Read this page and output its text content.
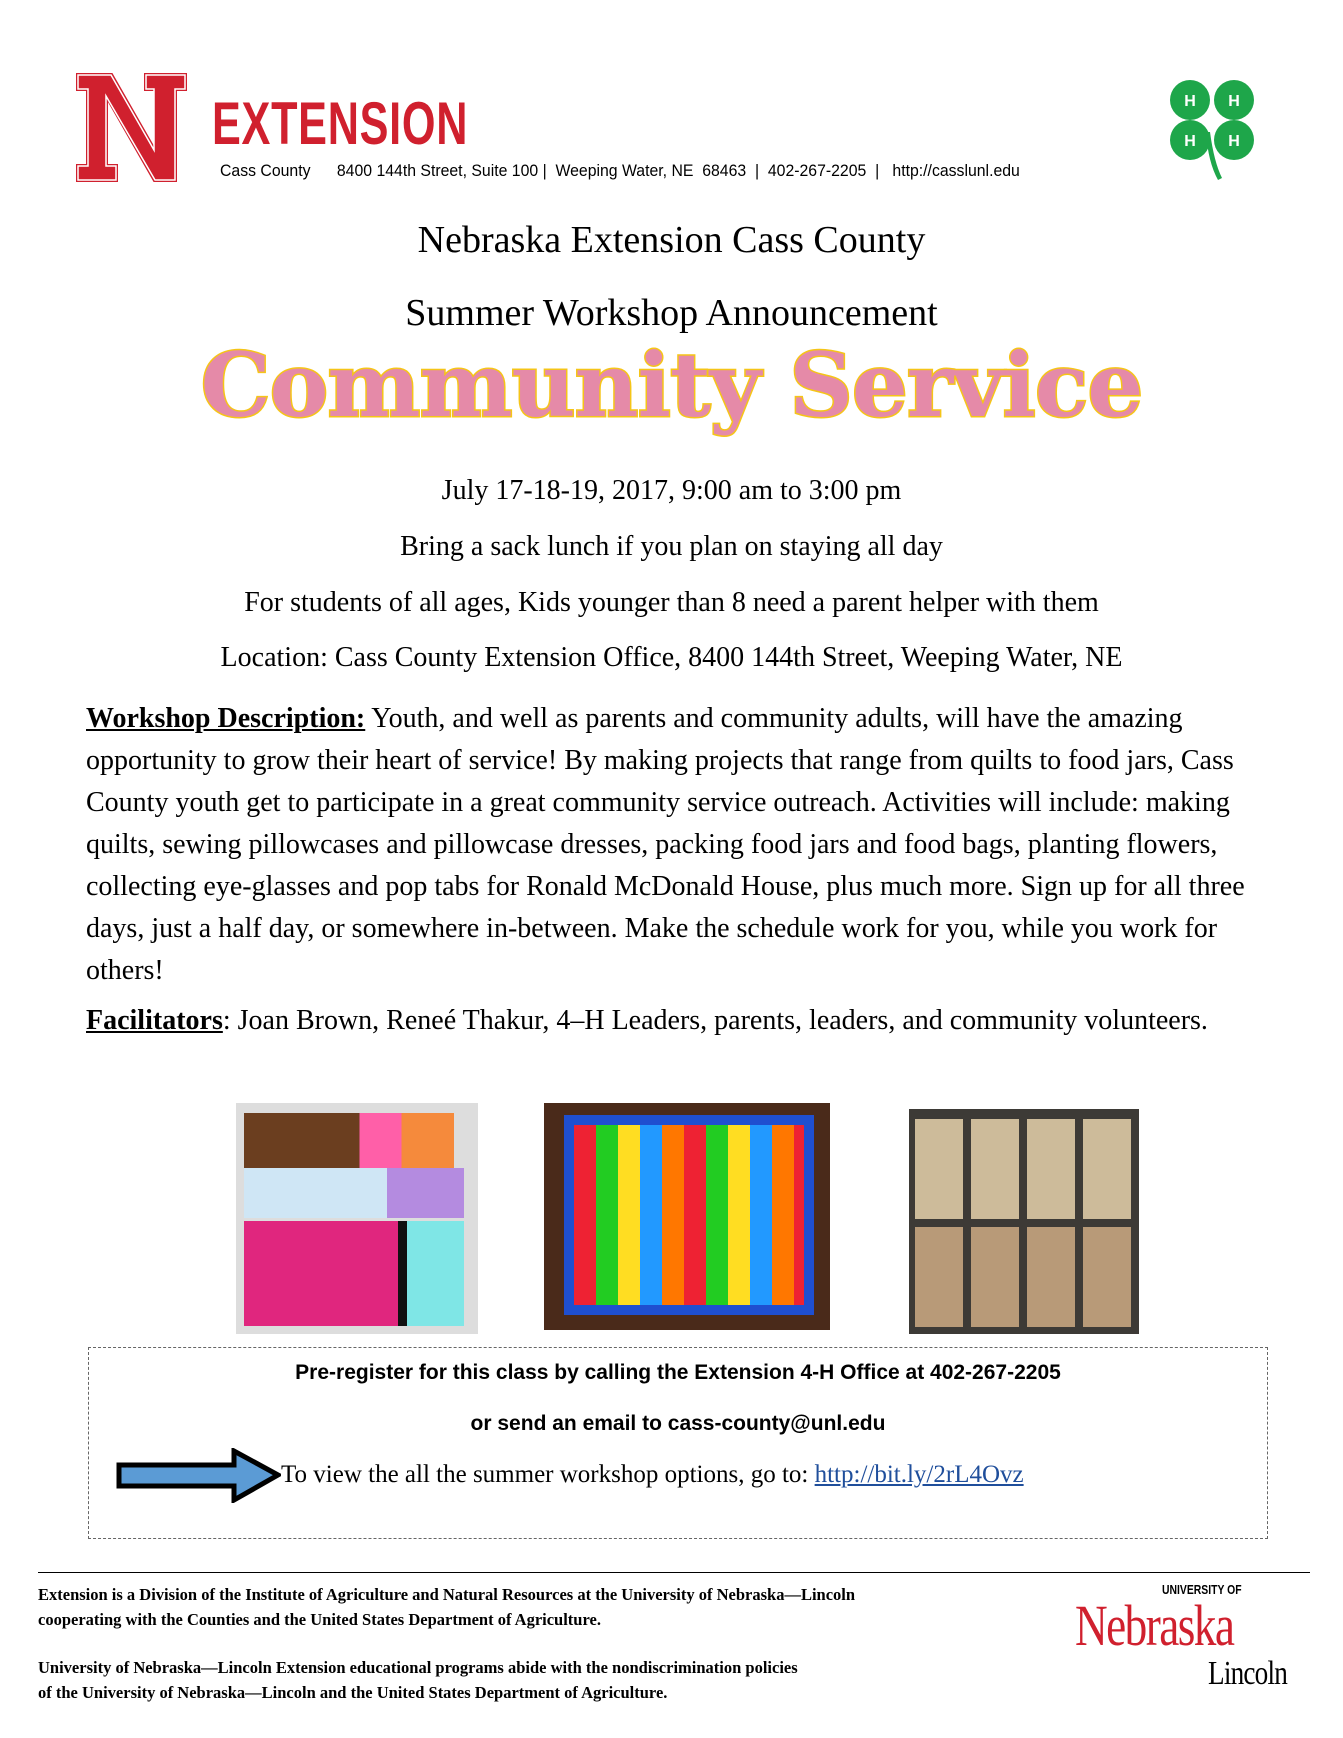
EXTENSION
Cass County 8400 144th Street, Suite 100 |  Weeping Water, NE  68463  |  402-267-2205  |   http://casslunl.edu
H H
H H
Nebraska Extension Cass County
Summer Workshop Announcement
Community Service
July 17-18-19, 2017, 9:00 am to 3:00 pm
Bring a sack lunch if you plan on staying all day
For students of all ages, Kids younger than 8 need a parent helper with them
Location: Cass County Extension Office, 8400 144th Street, Weeping Water, NE

Workshop Description: Youth, and well as parents and community adults, will have the amazing opportunity to grow their heart of service! By making projects that range from quilts to food jars, Cass County youth get to participate in a great community service outreach. Activities will include: making quilts, sewing pillowcases and pillowcase dresses, packing food jars and food bags, planting flowers, collecting eye-glasses and pop tabs for Ronald McDonald House, plus much more. Sign up for all three days, just a half day, or somewhere in-between. Make the schedule work for you, while you work for others!

Facilitators: Joan Brown, Reneé Thakur, 4–H Leaders, parents, leaders, and community volunteers.

Pre-register for this class by calling the Extension 4-H Office at 402-267-2205
or send an email to cass-county@unl.edu
To view the all the summer workshop options, go to: http://bit.ly/2rL4Ovz
Extension is a Division of the Institute of Agriculture and Natural Resources at the University of Nebraska—Lincoln
cooperating with the Counties and the United States Department of Agriculture.
University of Nebraska—Lincoln Extension educational programs abide with the nondiscrimination policies
of the University of Nebraska—Lincoln and the United States Department of Agriculture.
UNIVERSITY OF
Nebraska
Lincoln
